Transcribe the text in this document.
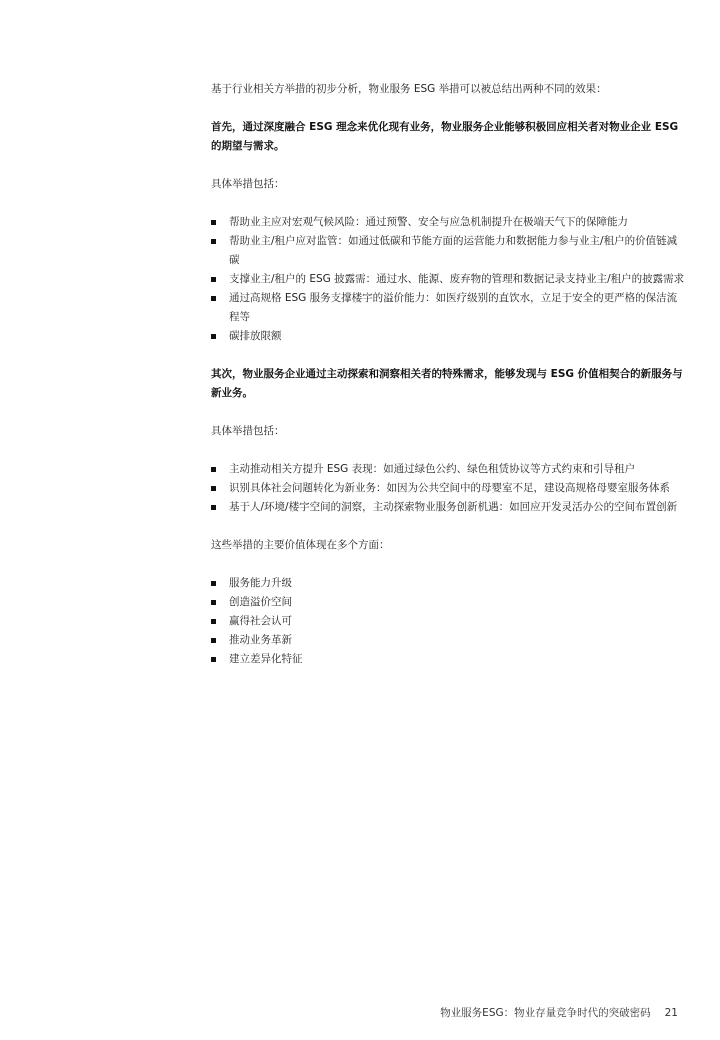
基于行业相关方举措的初步分析，物业服务 ESG 举措可以被总结出两种不同的效果：

首先，通过深度融合 ESG 理念来优化现有业务，物业服务企业能够积极回应相关者对物业企业 ESG 的期望与需求。

具体举措包括：

帮助业主应对宏观气候风险：通过预警、安全与应急机制提升在极端天气下的保障能力
帮助业主/租户应对监管：如通过低碳和节能方面的运营能力和数据能力参与业主/租户的价值链减碳
支撑业主/租户的 ESG 披露需：通过水、能源、废弃物的管理和数据记录支持业主/租户的披露需求
通过高规格 ESG 服务支撑楼宇的溢价能力：如医疗级别的直饮水，立足于安全的更严格的保洁流程等
碳排放限额

其次，物业服务企业通过主动探索和洞察相关者的特殊需求，能够发现与 ESG 价值相契合的新服务与新业务。

具体举措包括：

主动推动相关方提升 ESG 表现：如通过绿色公约、绿色租赁协议等方式约束和引导租户
识别具体社会问题转化为新业务：如因为公共空间中的母婴室不足，建设高规格母婴室服务体系
基于人/环境/楼宇空间的洞察，主动探索物业服务创新机遇：如回应开发灵活办公的空间布置创新

这些举措的主要价值体现在多个方面：

服务能力升级
创造溢价空间
赢得社会认可
推动业务革新
建立差异化特征
物业服务ESG：物业存量竞争时代的突破密码 21
